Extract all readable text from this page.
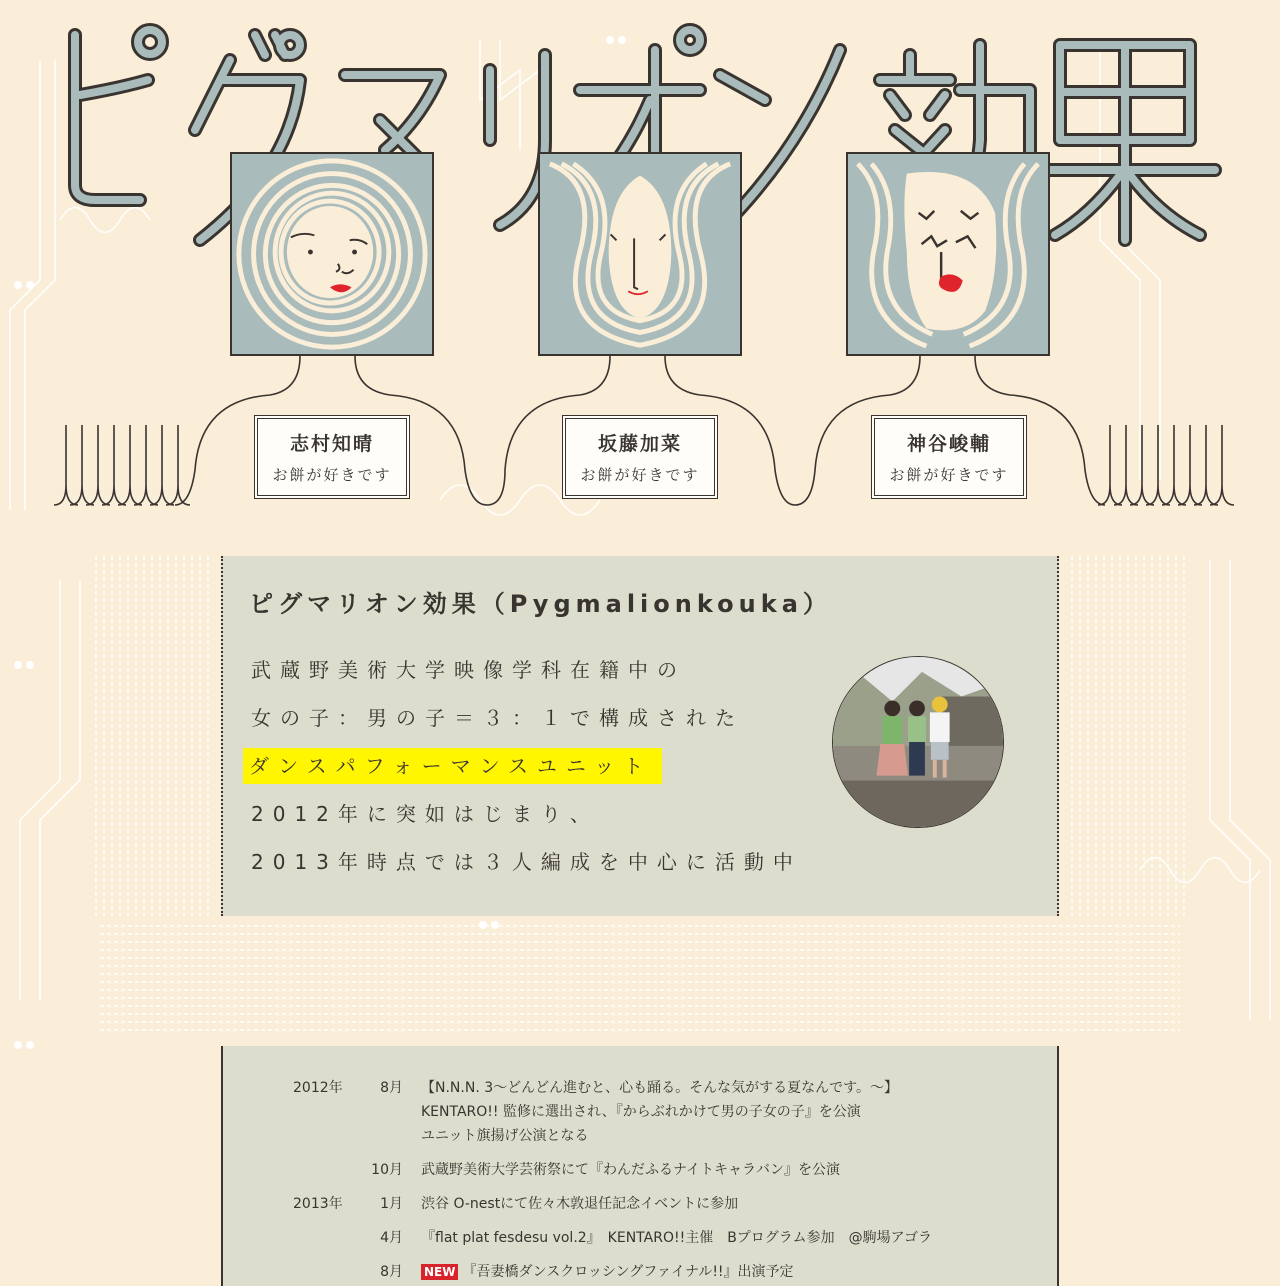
志村知晴
お餅が好きです
坂藤加菜
お餅が好きです
神谷峻輔
お餅が好きです
ピグマリオン効果（Pygmalionkouka）
武蔵野美術大学映像学科在籍中の
女の子：男の子＝３：１で構成された
ダンスパフォーマンスユニット
2012年に突如はじまり、
2013年時点では３人編成を中心に活動中
2012年	8月 【N.N.N. 3〜どんどん進むと、心も踊る。そんな気がする夏なんです。〜】
KENTARO!! 監修に選出され、『からぶれかけて男の子女の子』を公演
ユニット旗揚げ公演となる
10月 武蔵野美術大学芸術祭にて『わんだふるナイトキャラバン』を公演
2013年	1月 渋谷 O-nestにて佐々木敦退任記念イベントに参加
4月 『flat plat fesdesu vol.2』　KENTARO!!主催　Bプログラム参加　@駒場アゴラ
8月 NEW 『吾妻橋ダンスクロッシングファイナル!!』出演予定
